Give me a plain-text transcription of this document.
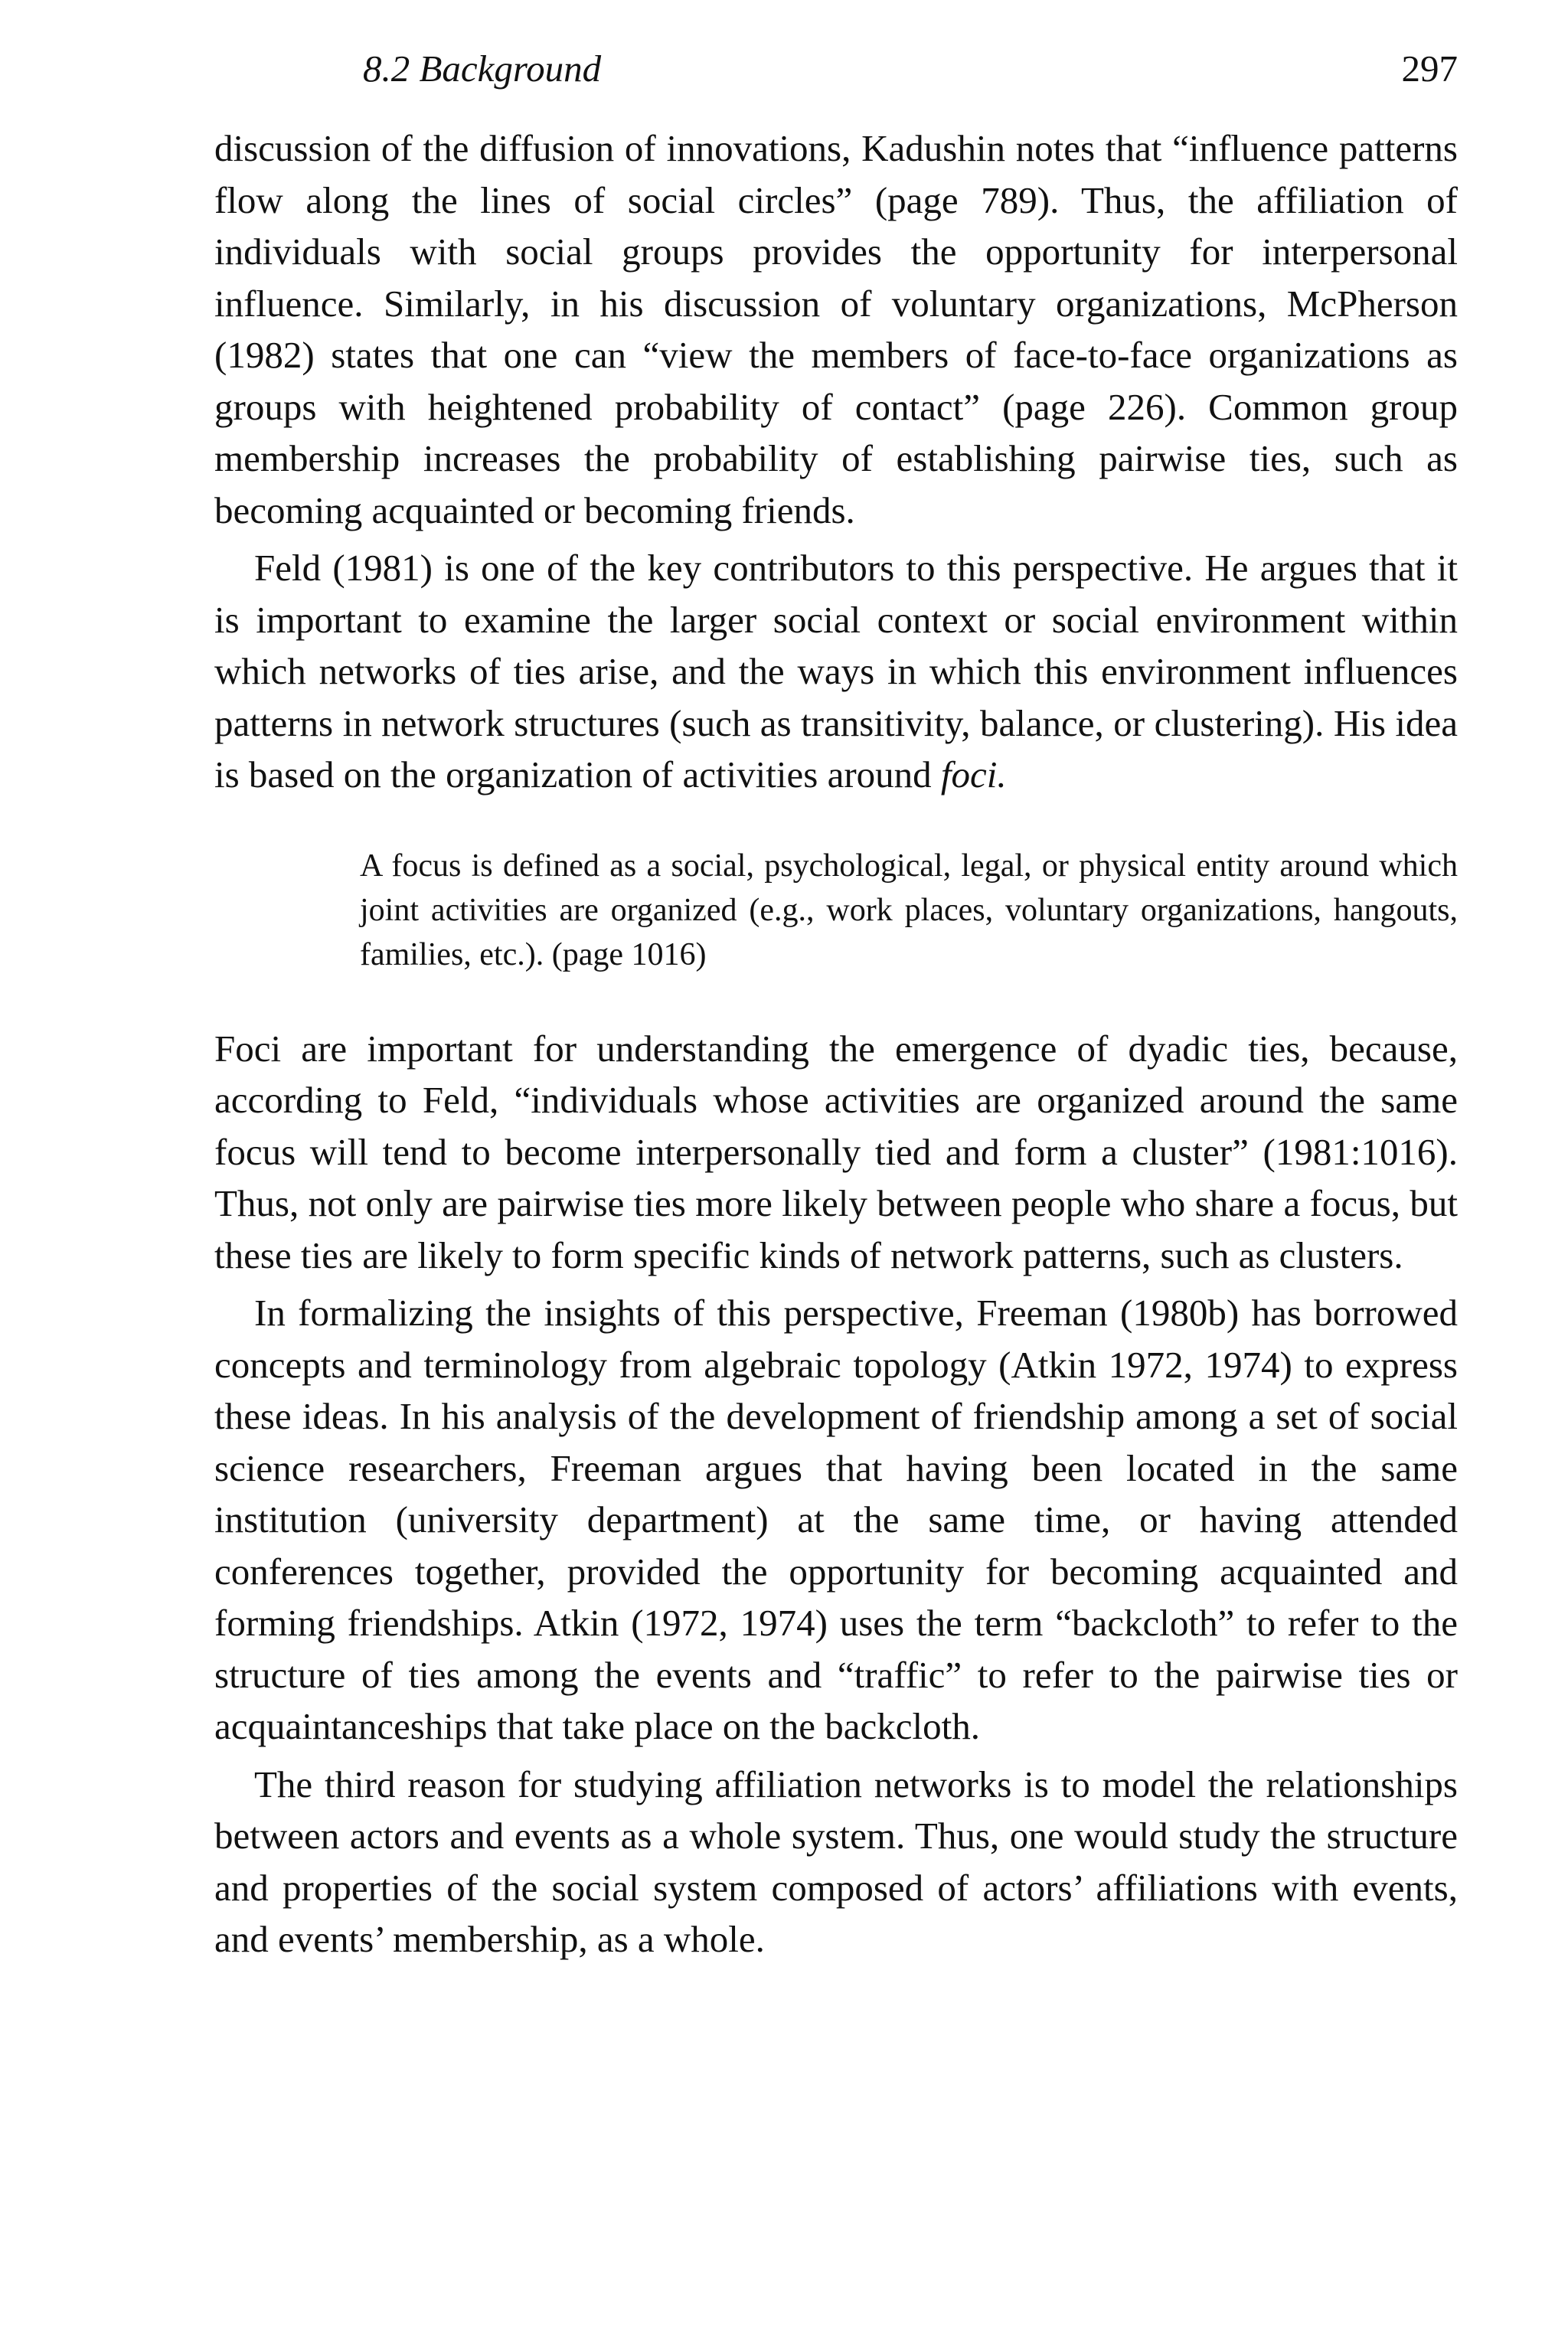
8.2 Background	297

discussion of the diffusion of innovations, Kadushin notes that “influence patterns flow along the lines of social circles” (page 789). Thus, the affiliation of individuals with social groups provides the opportunity for interpersonal influence. Similarly, in his discussion of voluntary organizations, McPherson (1982) states that one can “view the members of face-to-face organizations as groups with heightened probability of contact” (page 226). Common group membership increases the probability of establishing pairwise ties, such as becoming acquainted or becoming friends.

Feld (1981) is one of the key contributors to this perspective. He argues that it is important to examine the larger social context or social environment within which networks of ties arise, and the ways in which this environment influences patterns in network structures (such as transitivity, balance, or clustering). His idea is based on the organization of activities around foci.

A focus is defined as a social, psychological, legal, or physical entity around which joint activities are organized (e.g., work places, voluntary organizations, hangouts, families, etc.). (page 1016)

Foci are important for understanding the emergence of dyadic ties, because, according to Feld, “individuals whose activities are organized around the same focus will tend to become interpersonally tied and form a cluster” (1981:1016). Thus, not only are pairwise ties more likely between people who share a focus, but these ties are likely to form specific kinds of network patterns, such as clusters.

In formalizing the insights of this perspective, Freeman (1980b) has borrowed concepts and terminology from algebraic topology (Atkin 1972, 1974) to express these ideas. In his analysis of the development of friendship among a set of social science researchers, Freeman argues that having been located in the same institution (university department) at the same time, or having attended conferences together, provided the opportunity for becoming acquainted and forming friendships. Atkin (1972, 1974) uses the term “backcloth” to refer to the structure of ties among the events and “traffic” to refer to the pairwise ties or acquaintanceships that take place on the backcloth.

The third reason for studying affiliation networks is to model the relationships between actors and events as a whole system. Thus, one would study the structure and properties of the social system composed of actors’ affiliations with events, and events’ membership, as a whole.
